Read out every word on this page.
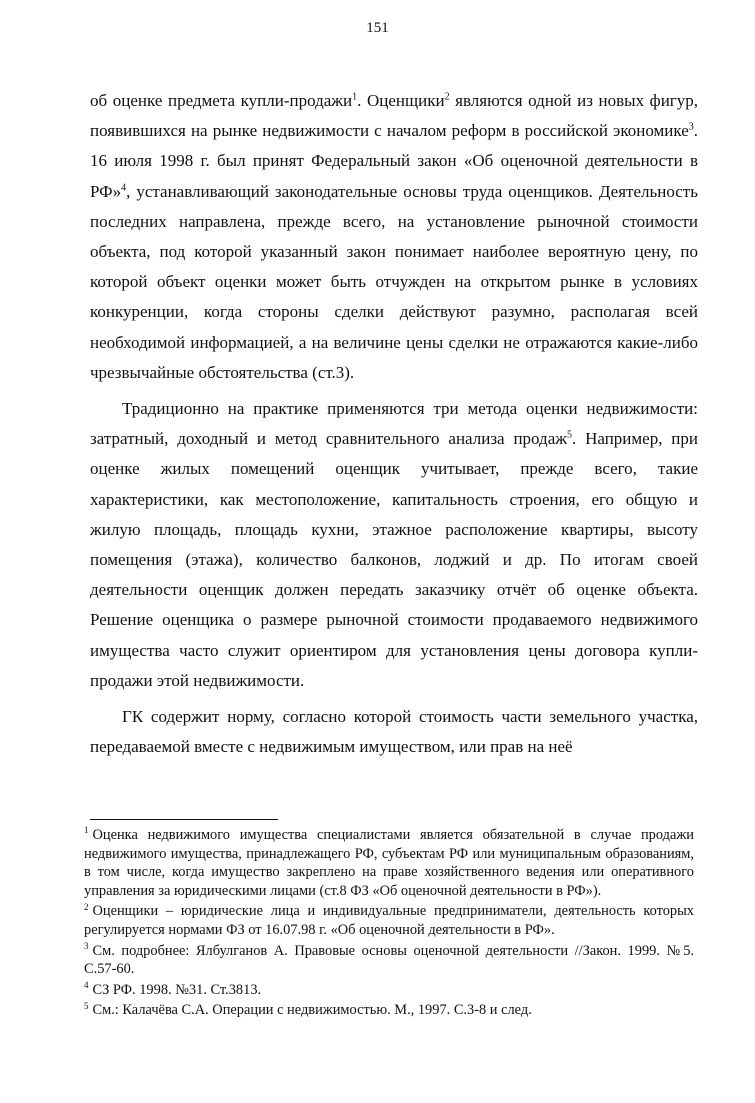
151

об оценке предмета купли-продажи$^1$. Оценщики$^2$ являются одной из новых фигур, появившихся на рынке недвижимости с началом реформ в российской экономике$^3$. 16 июля 1998 г. был принят Федеральный закон «Об оценочной деятельности в РФ»$^4$, устанавливающий законодательные основы труда оценщиков. Деятельность последних направлена, прежде всего, на установление рыночной стоимости объекта, под которой указанный закон понимает наиболее вероятную цену, по которой объект оценки может быть отчужден на открытом рынке в условиях конкуренции, когда стороны сделки действуют разумно, располагая всей необходимой информацией, а на величине цены сделки не отражаются какие-либо чрезвычайные обстоятельства (ст.3).

Традиционно на практике применяются три метода оценки недвижимости: затратный, доходный и метод сравнительного анализа продаж$^5$. Например, при оценке жилых помещений оценщик учитывает, прежде всего, такие характеристики, как местоположение, капитальность строения, его общую и жилую площадь, площадь кухни, этажное расположение квартиры, высоту помещения (этажа), количество балконов, лоджий и др. По итогам своей деятельности оценщик должен передать заказчику отчёт об оценке объекта. Решение оценщика о размере рыночной стоимости продаваемого недвижимого имущества часто служит ориентиром для установления цены договора купли-продажи этой недвижимости.

ГК содержит норму, согласно которой стоимость части земельного участка, передаваемой вместе с недвижимым имуществом, или прав на неё

$^1$ Оценка недвижимого имущества специалистами является обязательной в случае продажи недвижимого имущества, принадлежащего РФ, субъектам РФ или муниципальным образованиям, в том числе, когда имущество закреплено на праве хозяйственного ведения или оперативного управления за юридическими лицами (ст.8 ФЗ «Об оценочной деятельности в РФ»).

$^2$ Оценщики – юридические лица и индивидуальные предприниматели, деятельность которых регулируется нормами ФЗ от 16.07.98 г. «Об оценочной деятельности в РФ».

$^3$ См. подробнее: Ялбулганов А. Правовые основы оценочной деятельности //Закон. 1999. №5. С.57-60.

$^4$ СЗ РФ. 1998. №31. Ст.3813.

$^5$ См.: Калачёва С.А. Операции с недвижимостью. М., 1997. С.3-8 и след.
